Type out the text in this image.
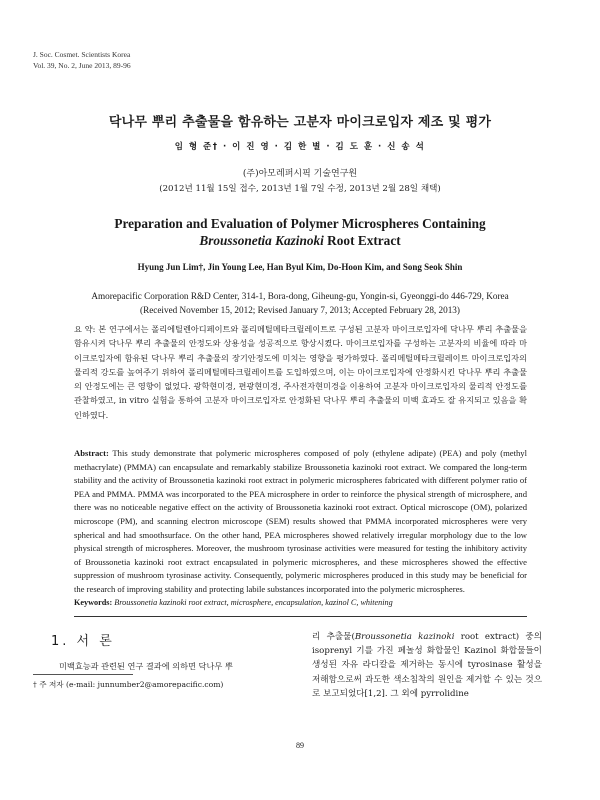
J. Soc. Cosmet. Scientists Korea
Vol. 39, No. 2, June 2013, 89-96
닥나무 뿌리 추출물을 함유하는 고분자 마이크로입자 제조 및 평가
임 형 준† · 이 진 영 · 김 한 별 · 김 도 훈 · 신 송 석
(주)아모레퍼시픽 기술연구원
(2012년 11월 15일 접수, 2013년 1월 7일 수정, 2013년 2월 28일 채택)
Preparation and Evaluation of Polymer Microspheres Containing
Broussonetia Kazinoki Root Extract
Hyung Jun Lim†, Jin Young Lee, Han Byul Kim, Do-Hoon Kim, and Song Seok Shin
Amorepacific Corporation R&D Center, 314-1, Bora-dong, Giheung-gu, Yongin-si, Gyeonggi-do 446-729, Korea
(Received November 15, 2012; Revised January 7, 2013; Accepted February 28, 2013)
요 약: 본 연구에서는 폴리에틸렌아디페이트와 폴리메틸메타크릴레이트로 구성된 고분자 마이크로입자에 닥나무 뿌리 추출물을 함유시켜 닥나무 뿌리 추출물의 안정도와 상용성을 성공적으로 향상시켰다. 마이크로입자를 구성하는 고분자의 비율에 따라 마이크로입자에 함유된 닥나무 뿌리 추출물의 장기안정도에 미치는 영향을 평가하였다. 폴리메틸메타크릴레이트 마이크로입자의 물리적 강도를 높여주기 위하여 폴리메틸메타크릴레이트를 도입하였으며, 이는 마이크로입자에 안정화시킨 닥나무 뿌리 추출물의 안정도에는 큰 영향이 없었다. 광학현미경, 편광현미경, 주사전자현미경을 이용하여 고분자 마이크로입자의 물리적 안정도를 관찰하였고, in vitro 실험을 통하여 고분자 마이크로입자로 안정화된 닥나무 뿌리 추출물의 미백 효과도 잘 유지되고 있음을 확인하였다.
Abstract: This study demonstrate that polymeric microspheres composed of poly (ethylene adipate) (PEA) and poly (methyl methacrylate) (PMMA) can encapsulate and remarkably stabilize Broussonetia kazinoki root extract. We compared the long-term stability and the activity of Broussonetia kazinoki root extract in polymeric microspheres fabricated with different polymer ratio of PEA and PMMA. PMMA was incorporated to the PEA microsphere in order to reinforce the physical strength of microsphere, and there was no noticeable negative effect on the activity of Broussonetia kazinoki root extract. Optical microscope (OM), polarized microscope (PM), and scanning electron microscope (SEM) results showed that PMMA incorporated microspheres were very spherical and had smoothsurface. On the other hand, PEA microspheres showed relatively irregular morphology due to the low physical strength of microspheres. Moreover, the mushroom tyrosinase activities were measured for testing the inhibitory activity of Broussonetia kazinoki root extract encapsulated in polymeric microspheres, and these microspheres showed the effective suppression of mushroom tyrosinase activity. Consequently, polymeric microspheres produced in this study may be beneficial for the research of improving stability and protecting labile substances incorporated into the polymeric microspheres.
Keywords: Broussonetia kazinoki root extract, microsphere, encapsulation, kazinol C, whitening
1. 서 론
미백효능과 관련된 연구 결과에 의하면 닥나무 뿌
† 주 저자 (e-mail: junnumber2@amorepacific.com)
리 추출물(Broussonetia kazinoki root extract) 중의 isoprenyl 기를 가진 페놀성 화합물인 Kazinol 화합물들이 생성된 자유 라디칼을 제거하는 동시에 tyrosinase 활성을 저해함으로써 과도한 색소침착의 원인을 제거할 수 있는 것으로 보고되었다[1,2]. 그 외에 pyrrolidine
89
